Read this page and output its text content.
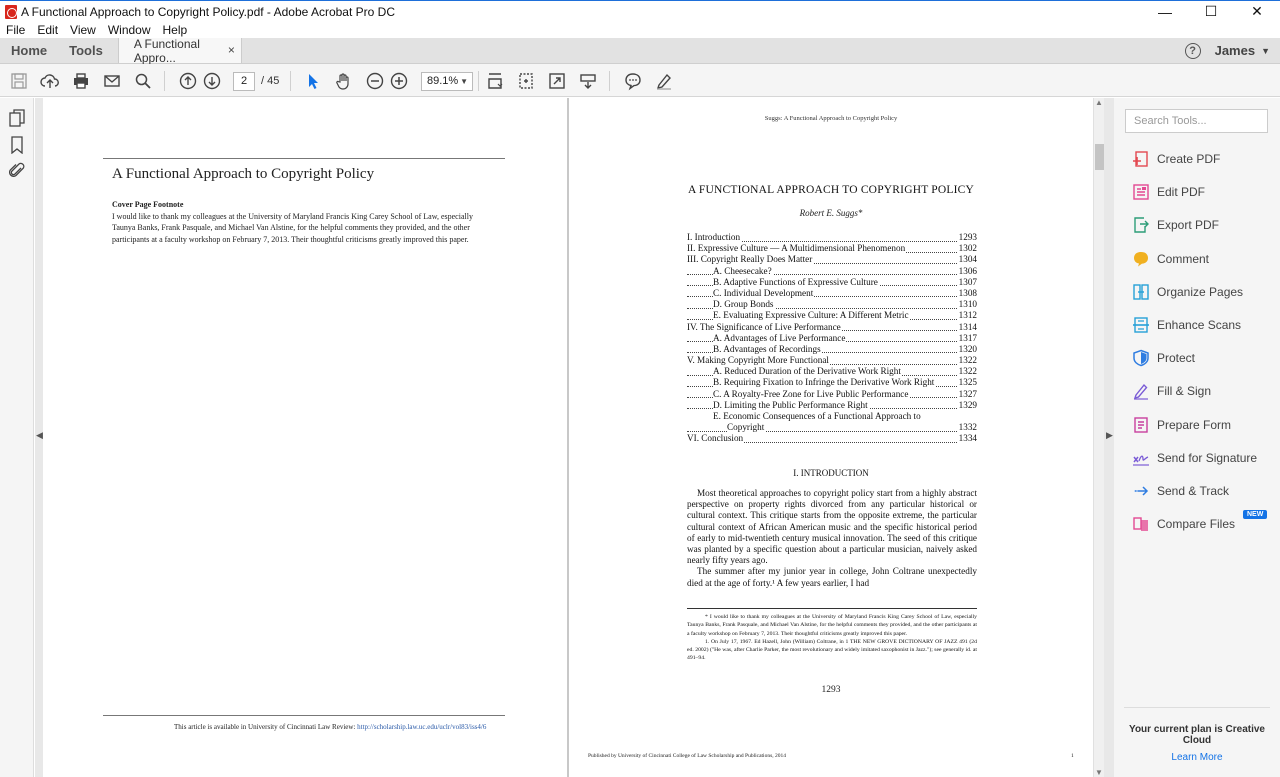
A Functional Approach to Copyright Policy.pdf - Adobe Acrobat Pro DC	—	☐	✕
File	Edit	View	Window	Help
Home	Tools	A Functional Appro...
×	?	James ▼
2	/ 45	89.1% ▼
◀
A Functional Approach to Copyright Policy
Cover Page Footnote
I would like to thank my colleagues at the University of Maryland Francis King Carey School of Law, especially Taunya Banks, Frank Pasquale, and Michael Van Alstine, for the helpful comments they provided, and the other participants at a faculty workshop on February 7, 2013. Their thoughtful criticisms greatly improved this paper.
This article is available in University of Cincinnati Law Review: http://scholarship.law.uc.edu/uclr/vol83/iss4/6
Suggs: A Functional Approach to Copyright Policy
A FUNCTIONAL APPROACH TO COPYRIGHT POLICY
Robert E. Suggs*
I. Introduction	1293
II. Expressive Culture — A Multidimensional Phenomenon	1302
III. Copyright Really Does Matter	1304
A. Cheesecake?	1306
B. Adaptive Functions of Expressive Culture	1307
C. Individual Development	1308
D. Group Bonds	1310
E. Evaluating Expressive Culture: A Different Metric	1312
IV. The Significance of Live Performance	1314
A. Advantages of Live Performance	1317
B. Advantages of Recordings	1320
V. Making Copyright More Functional	1322
A. Reduced Duration of the Derivative Work Right	1322
B. Requiring Fixation to Infringe the Derivative Work Right	1325
C. A Royalty-Free Zone for Live Public Performance	1327
D. Limiting the Public Performance Right	1329
E. Economic Consequences of a Functional Approach to
Copyright	1332
VI. Conclusion	1334
I. INTRODUCTION

Most theoretical approaches to copyright policy start from a highly abstract perspective on property rights divorced from any particular historical or cultural context. This critique starts from the opposite extreme, the particular cultural context of African American music and the specific historical period of early to mid-twentieth century musical innovation. The seed of this critique was planted by a specific question about a particular musician, naively asked nearly fifty years ago.

The summer after my junior year in college, John Coltrane unexpectedly died at the age of forty.¹ A few years earlier, I had

* I would like to thank my colleagues at the University of Maryland Francis King Carey School of Law, especially Taunya Banks, Frank Pasquale, and Michael Van Alstine, for the helpful comments they provided, and the other participants at a faculty workshop on February 7, 2013. Their thoughtful criticisms greatly improved this paper.

1. On July 17, 1967. Ed Hazell, John (William) Coltrane, in 1 THE NEW GROVE DICTIONARY OF JAZZ 491 (2d ed. 2002) ("He was, after Charlie Parker, the most revolutionary and widely imitated saxophonist in Jazz."); see generally id. at 491–94.

1293
Published by University of Cincinnati College of Law Scholarship and Publications, 2014	1
▲
▼
▶
Search Tools...
Create PDF
Edit PDF
Export PDF
Comment
Organize Pages
Enhance Scans
Protect
Fill & Sign
Prepare Form
Send for Signature
Send & Track
Compare Files
NEW
Your current plan is Creative Cloud
Learn More
